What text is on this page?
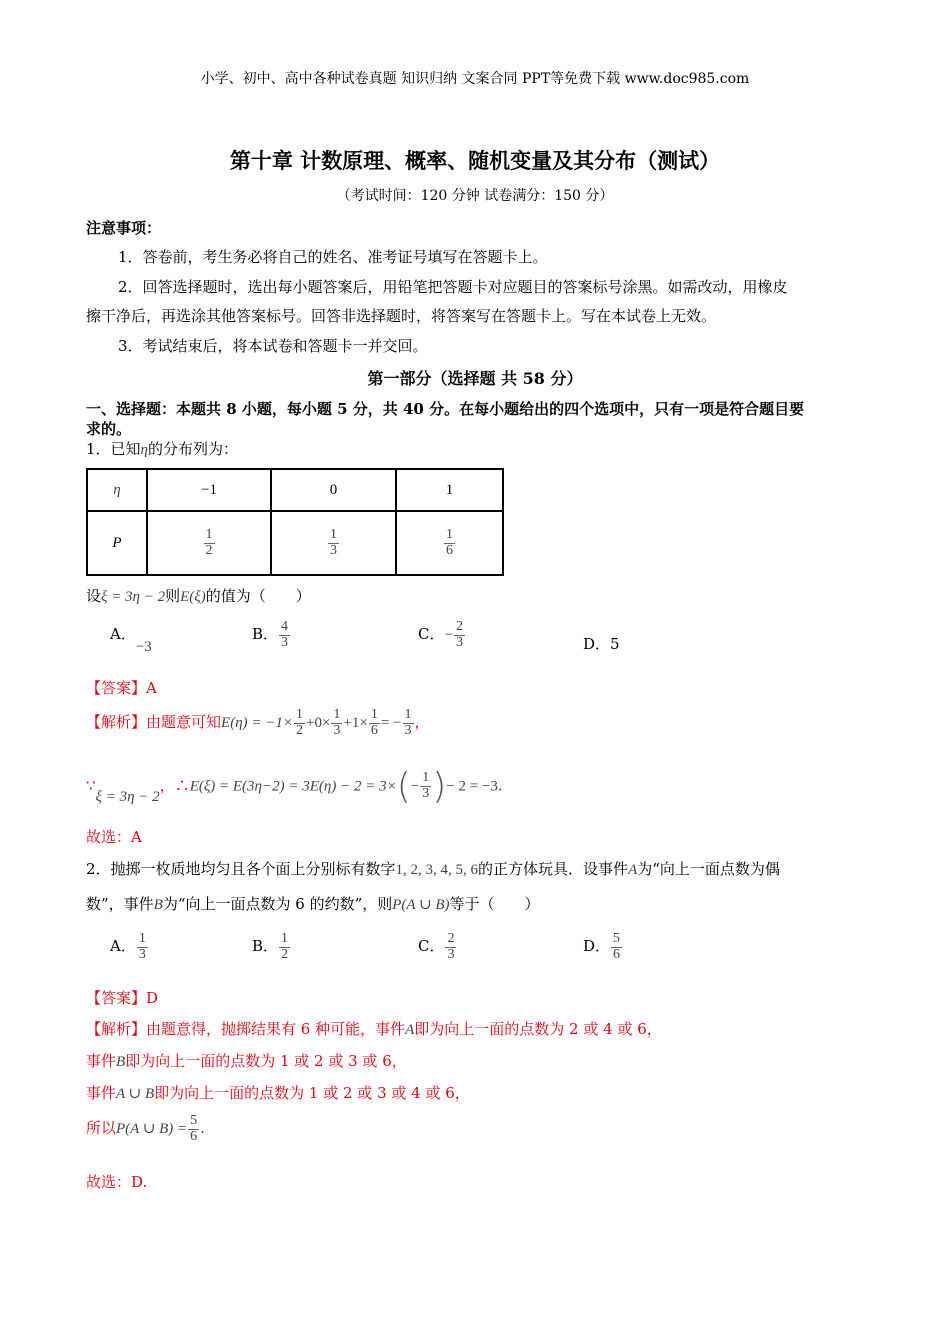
小学、初中、高中各种试卷真题 知识归纳 文案合同 PPT等免费下载 www.doc985.com
第十章 计数原理、概率、随机变量及其分布（测试）
（考试时间：120 分钟 试卷满分：150 分）
注意事项：
1．答卷前，考生务必将自己的姓名、准考证号填写在答题卡上。
2．回答选择题时，选出每小题答案后，用铅笔把答题卡对应题目的答案标号涂黑。如需改动，用橡皮
擦干净后，再选涂其他答案标号。回答非选择题时，将答案写在答题卡上。写在本试卷上无效。
3．考试结束后，将本试卷和答题卡一并交回。
第一部分（选择题 共 58 分）
一、选择题：本题共 8 小题，每小题 5 分，共 40 分。在每小题给出的四个选项中，只有一项是符合题目要
求的。
1．已知η的分布列为：
η	−1	0	1
P	$\frac{1}{2}$	$\frac{1}{3}$	$\frac{1}{6}$
设ξ = 3η − 2则E(ξ)的值为（　　）
A．−3
B． $\frac{4}{3}$	C．− $\frac{2}{3}$	D．5
【答案】A
【解析】由题意可知$E(\eta) = -1\times \frac{1}{2} +0\times \frac{1}{3} +1\times \frac{1}{6}$ = − $\frac{1}{3}$ ，
∵ξ = 3η − 2，∴E(ξ) = $E(3\eta-2) = 3E(\eta) - 2 = 3\times(- \frac{1}{3}$ )− 2 = −3.
故选：A
2．抛掷一枚质地均匀且各个面上分别标有数字1, 2, 3, 4, 5, 6的正方体玩具．设事件A为“向上一面点数为偶
数”，事件B为“向上一面点数为 6 的约数”，则P(A ∪ B)等于（　　）
A． $\frac{1}{3}$	B． $\frac{1}{2}$	C． $\frac{2}{3}$	D． $\frac{5}{6}$
【答案】D
【解析】由题意得，抛掷结果有 6 种可能，事件A即为向上一面的点数为 2 或 4 或 6，
事件B即为向上一面的点数为 1 或 2 或 3 或 6，
事件A ∪ B即为向上一面的点数为 1 或 2 或 3 或 4 或 6，
所以P(A ∪ $B) = \frac{5}{6}$ .
故选：D.
